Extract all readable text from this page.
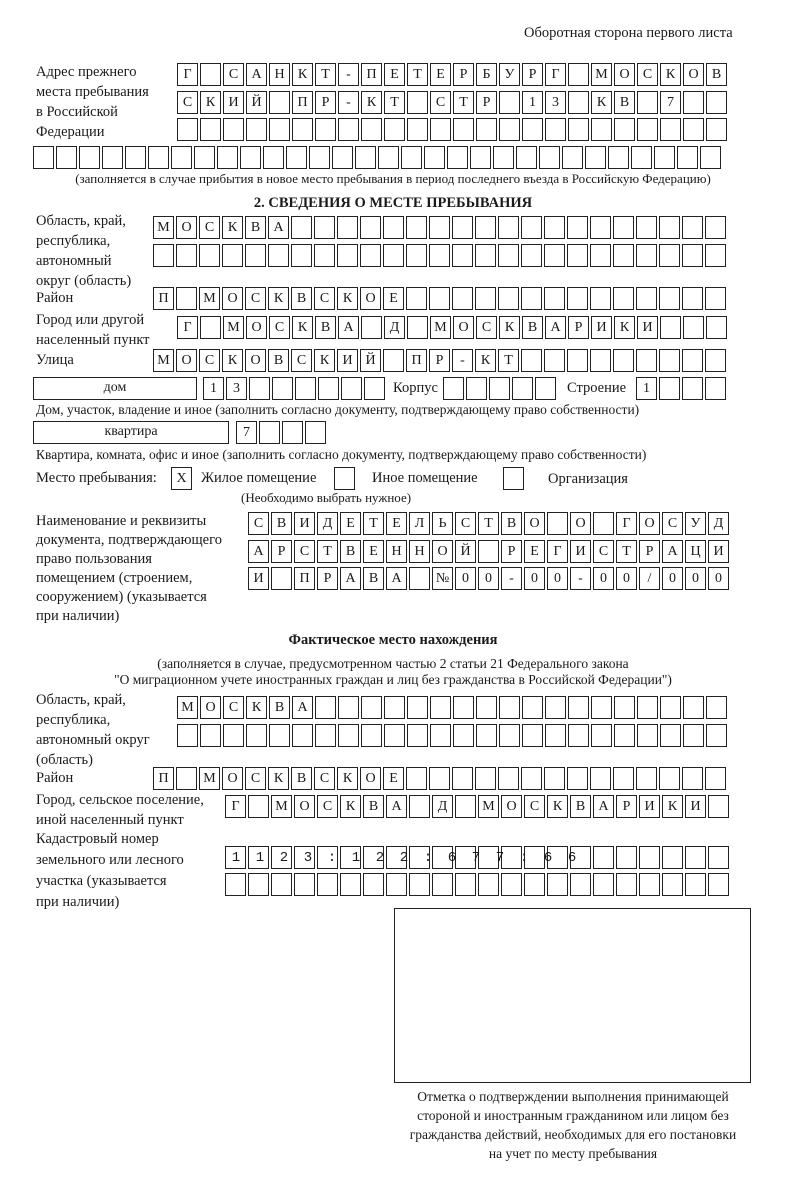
Оборотная сторона первого листа
Адрес прежнего
места пребывания
в Российской
Федерации
Г	С А Н К	Т	-	П Е	Т	Е	Р	Б	У	Р	Г	М О С К О В
С К И Й	П	Р	-	К	Т	С	Т	Р	1	3	К В	7
(заполняется в случае прибытия в новое место пребывания в период последнего въезда в Российскую Федерацию)
2. СВЕДЕНИЯ О МЕСТЕ ПРЕБЫВАНИЯ
Область, край,
республика,
автономный
округ (область)
М О С К В А
Район	П	М О С К В С К О Е
Город или другой
населенный пункт
Г	М О С К В А	Д	М О С К В А	Р	И К И
Улица	М О С К О В С К И Й	П	Р	-	К	Т
дом	1	3	Корпус	Строение	1
Дом, участок, владение и иное (заполнить согласно документу, подтверждающему право собственности)
квартира	7
Квартира, комната, офис и иное (заполнить согласно документу, подтверждающему право собственности)
Место пребывания:	X Жилое помещение	Иное помещение	Организация
(Необходимо выбрать нужное)
Наименование и реквизиты
документа, подтверждающего
право пользования
помещением (строением,
сооружением) (указывается
при наличии)
С В И Д Е	Т	Е Л	Ь	С	Т	В О	О	Г О С У Д
А	Р	С	Т	В	Е Н Н О Й	Р	Е	Г И С	Т	Р	А Ц И
И	П	Р	А В А	№ 0	0	-	0	0	-	0	0	/	0	0	0
Фактическое место нахождения
(заполняется в случае, предусмотренном частью 2 статьи 21 Федерального закона
"О миграционном учете иностранных граждан и лиц без гражданства в Российской Федерации")
Область, край,
республика,
автономный округ
(область)
М О С К В А
Район	П	М О С К В С К О Е
Город, сельское поселение,
иной населенный пункт
Г	М О С К В А	Д	М О С К В А	Р	И К И
Кадастровый номер
земельного или лесного
участка (указывается
при наличии)
1123:122:677:66
Отметка о подтверждении выполнения принимающей
стороной и иностранным гражданином или лицом без
гражданства действий, необходимых для его постановки
на учет по месту пребывания
